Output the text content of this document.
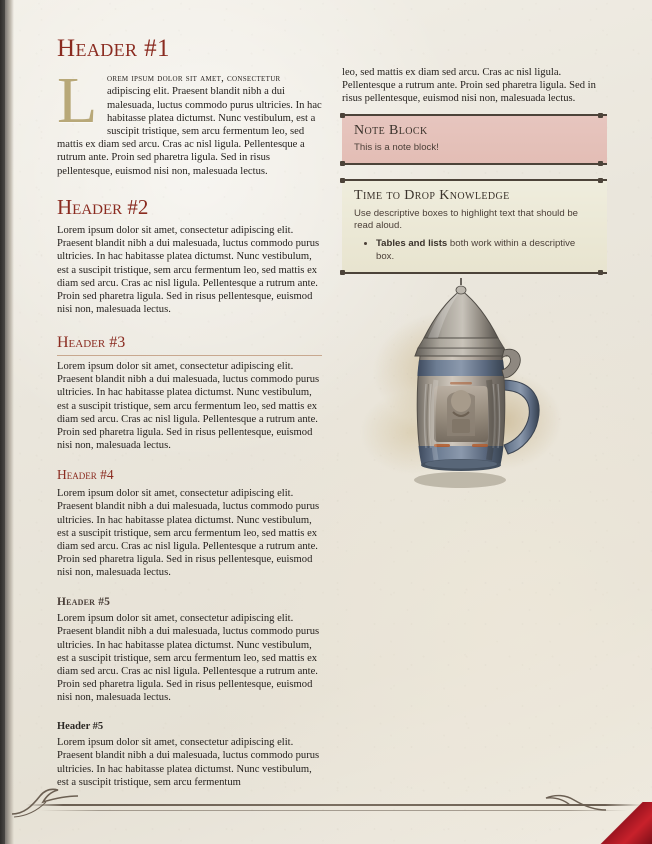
Header #1
L orem ipsum dolor sit amet, consectetur adipiscing elit. Praesent blandit nibh a dui malesuada, luctus commodo purus ultricies. In hac habitasse platea dictumst. Nunc vestibulum, est a suscipit tristique, sem arcu fermentum leo, sed mattis ex diam sed arcu. Cras ac nisl ligula. Pellentesque a rutrum ante. Proin sed pharetra ligula. Sed in risus pellentesque, euismod nisi non, malesuada lectus.

Header #2

Lorem ipsum dolor sit amet, consectetur adipiscing elit. Praesent blandit nibh a dui malesuada, luctus commodo purus ultricies. In hac habitasse platea dictumst. Nunc vestibulum, est a suscipit tristique, sem arcu fermentum leo, sed mattis ex diam sed arcu. Cras ac nisl ligula. Pellentesque a rutrum ante. Proin sed pharetra ligula. Sed in risus pellentesque, euismod nisi non, malesuada lectus.

Header #3

Lorem ipsum dolor sit amet, consectetur adipiscing elit. Praesent blandit nibh a dui malesuada, luctus commodo purus ultricies. In hac habitasse platea dictumst. Nunc vestibulum, est a suscipit tristique, sem arcu fermentum leo, sed mattis ex diam sed arcu. Cras ac nisl ligula. Pellentesque a rutrum ante. Proin sed pharetra ligula. Sed in risus pellentesque, euismod nisi non, malesuada lectus.

Header #4

Lorem ipsum dolor sit amet, consectetur adipiscing elit. Praesent blandit nibh a dui malesuada, luctus commodo purus ultricies. In hac habitasse platea dictumst. Nunc vestibulum, est a suscipit tristique, sem arcu fermentum leo, sed mattis ex diam sed arcu. Cras ac nisl ligula. Pellentesque a rutrum ante. Proin sed pharetra ligula. Sed in risus pellentesque, euismod nisi non, malesuada lectus.

Header #5

Lorem ipsum dolor sit amet, consectetur adipiscing elit. Praesent blandit nibh a dui malesuada, luctus commodo purus ultricies. In hac habitasse platea dictumst. Nunc vestibulum, est a suscipit tristique, sem arcu fermentum leo, sed mattis ex diam sed arcu. Cras ac nisl ligula. Pellentesque a rutrum ante. Proin sed pharetra ligula. Sed in risus pellentesque, euismod nisi non, malesuada lectus.

Header #5

Lorem ipsum dolor sit amet, consectetur adipiscing elit. Praesent blandit nibh a dui malesuada, luctus commodo purus ultricies. In hac habitasse platea dictumst. Nunc vestibulum, est a suscipit tristique, sem arcu fermentum

leo, sed mattis ex diam sed arcu. Cras ac nisl ligula. Pellentesque a rutrum ante. Proin sed pharetra ligula. Sed in risus pellentesque, euismod nisi non, malesuada lectus.

Note Block

This is a note block!

Time to Drop Knowledge

Use descriptive boxes to highlight text that should be read aloud.

• Tables and lists both work within a descriptive box.
